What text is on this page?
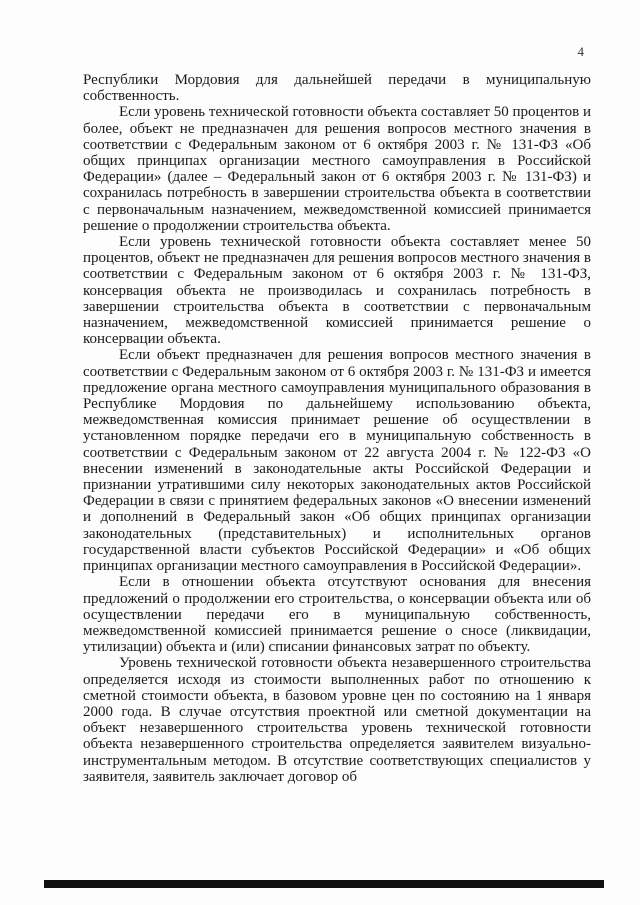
4

Республики Мордовия для дальнейшей передачи в муниципальную собственность.

Если уровень технической готовности объекта составляет 50 процентов и более, объект не предназначен для решения вопросов местного значения в соответствии с Федеральным законом от 6 октября 2003 г. № 131-ФЗ «Об общих принципах организации местного самоуправления в Российской Федерации» (далее – Федеральный закон от 6 октября 2003 г. № 131-ФЗ) и сохранилась потребность в завершении строительства объекта в соответствии с первоначальным назначением, межведомственной комиссией принимается решение о продолжении строительства объекта.

Если уровень технической готовности объекта составляет менее 50 процентов, объект не предназначен для решения вопросов местного значения в соответствии с Федеральным законом от 6 октября 2003 г. № 131-ФЗ, консервация объекта не производилась и сохранилась потребность в завершении строительства объекта в соответствии с первоначальным назначением, межведомственной комиссией принимается решение о консервации объекта.

Если объект предназначен для решения вопросов местного значения в соответствии с Федеральным законом от 6 октября 2003 г. № 131-ФЗ и имеется предложение органа местного самоуправления муниципального образования в Республике Мордовия по дальнейшему использованию объекта, межведомственная комиссия принимает решение об осуществлении в установленном порядке передачи его в муниципальную собственность в соответствии с Федеральным законом от 22 августа 2004 г. № 122-ФЗ «О внесении изменений в законодательные акты Российской Федерации и признании утратившими силу некоторых законодательных актов Российской Федерации в связи с принятием федеральных законов «О внесении изменений и дополнений в Федеральный закон «Об общих принципах организации законодательных (представительных) и исполнительных органов государственной власти субъектов Российской Федерации» и «Об общих принципах организации местного самоуправления в Российской Федерации».

Если в отношении объекта отсутствуют основания для внесения предложений о продолжении его строительства, о консервации объекта или об осуществлении передачи его в муниципальную собственность, межведомственной комиссией принимается решение о сносе (ликвидации, утилизации) объекта и (или) списании финансовых затрат по объекту.

Уровень технической готовности объекта незавершенного строительства определяется исходя из стоимости выполненных работ по отношению к сметной стоимости объекта, в базовом уровне цен по состоянию на 1 января 2000 года. В случае отсутствия проектной или сметной документации на объект незавершенного строительства уровень технической готовности объекта незавершенного строительства определяется заявителем визуально-инструментальным методом. В отсутствие соответствующих специалистов у заявителя, заявитель заключает договор об
